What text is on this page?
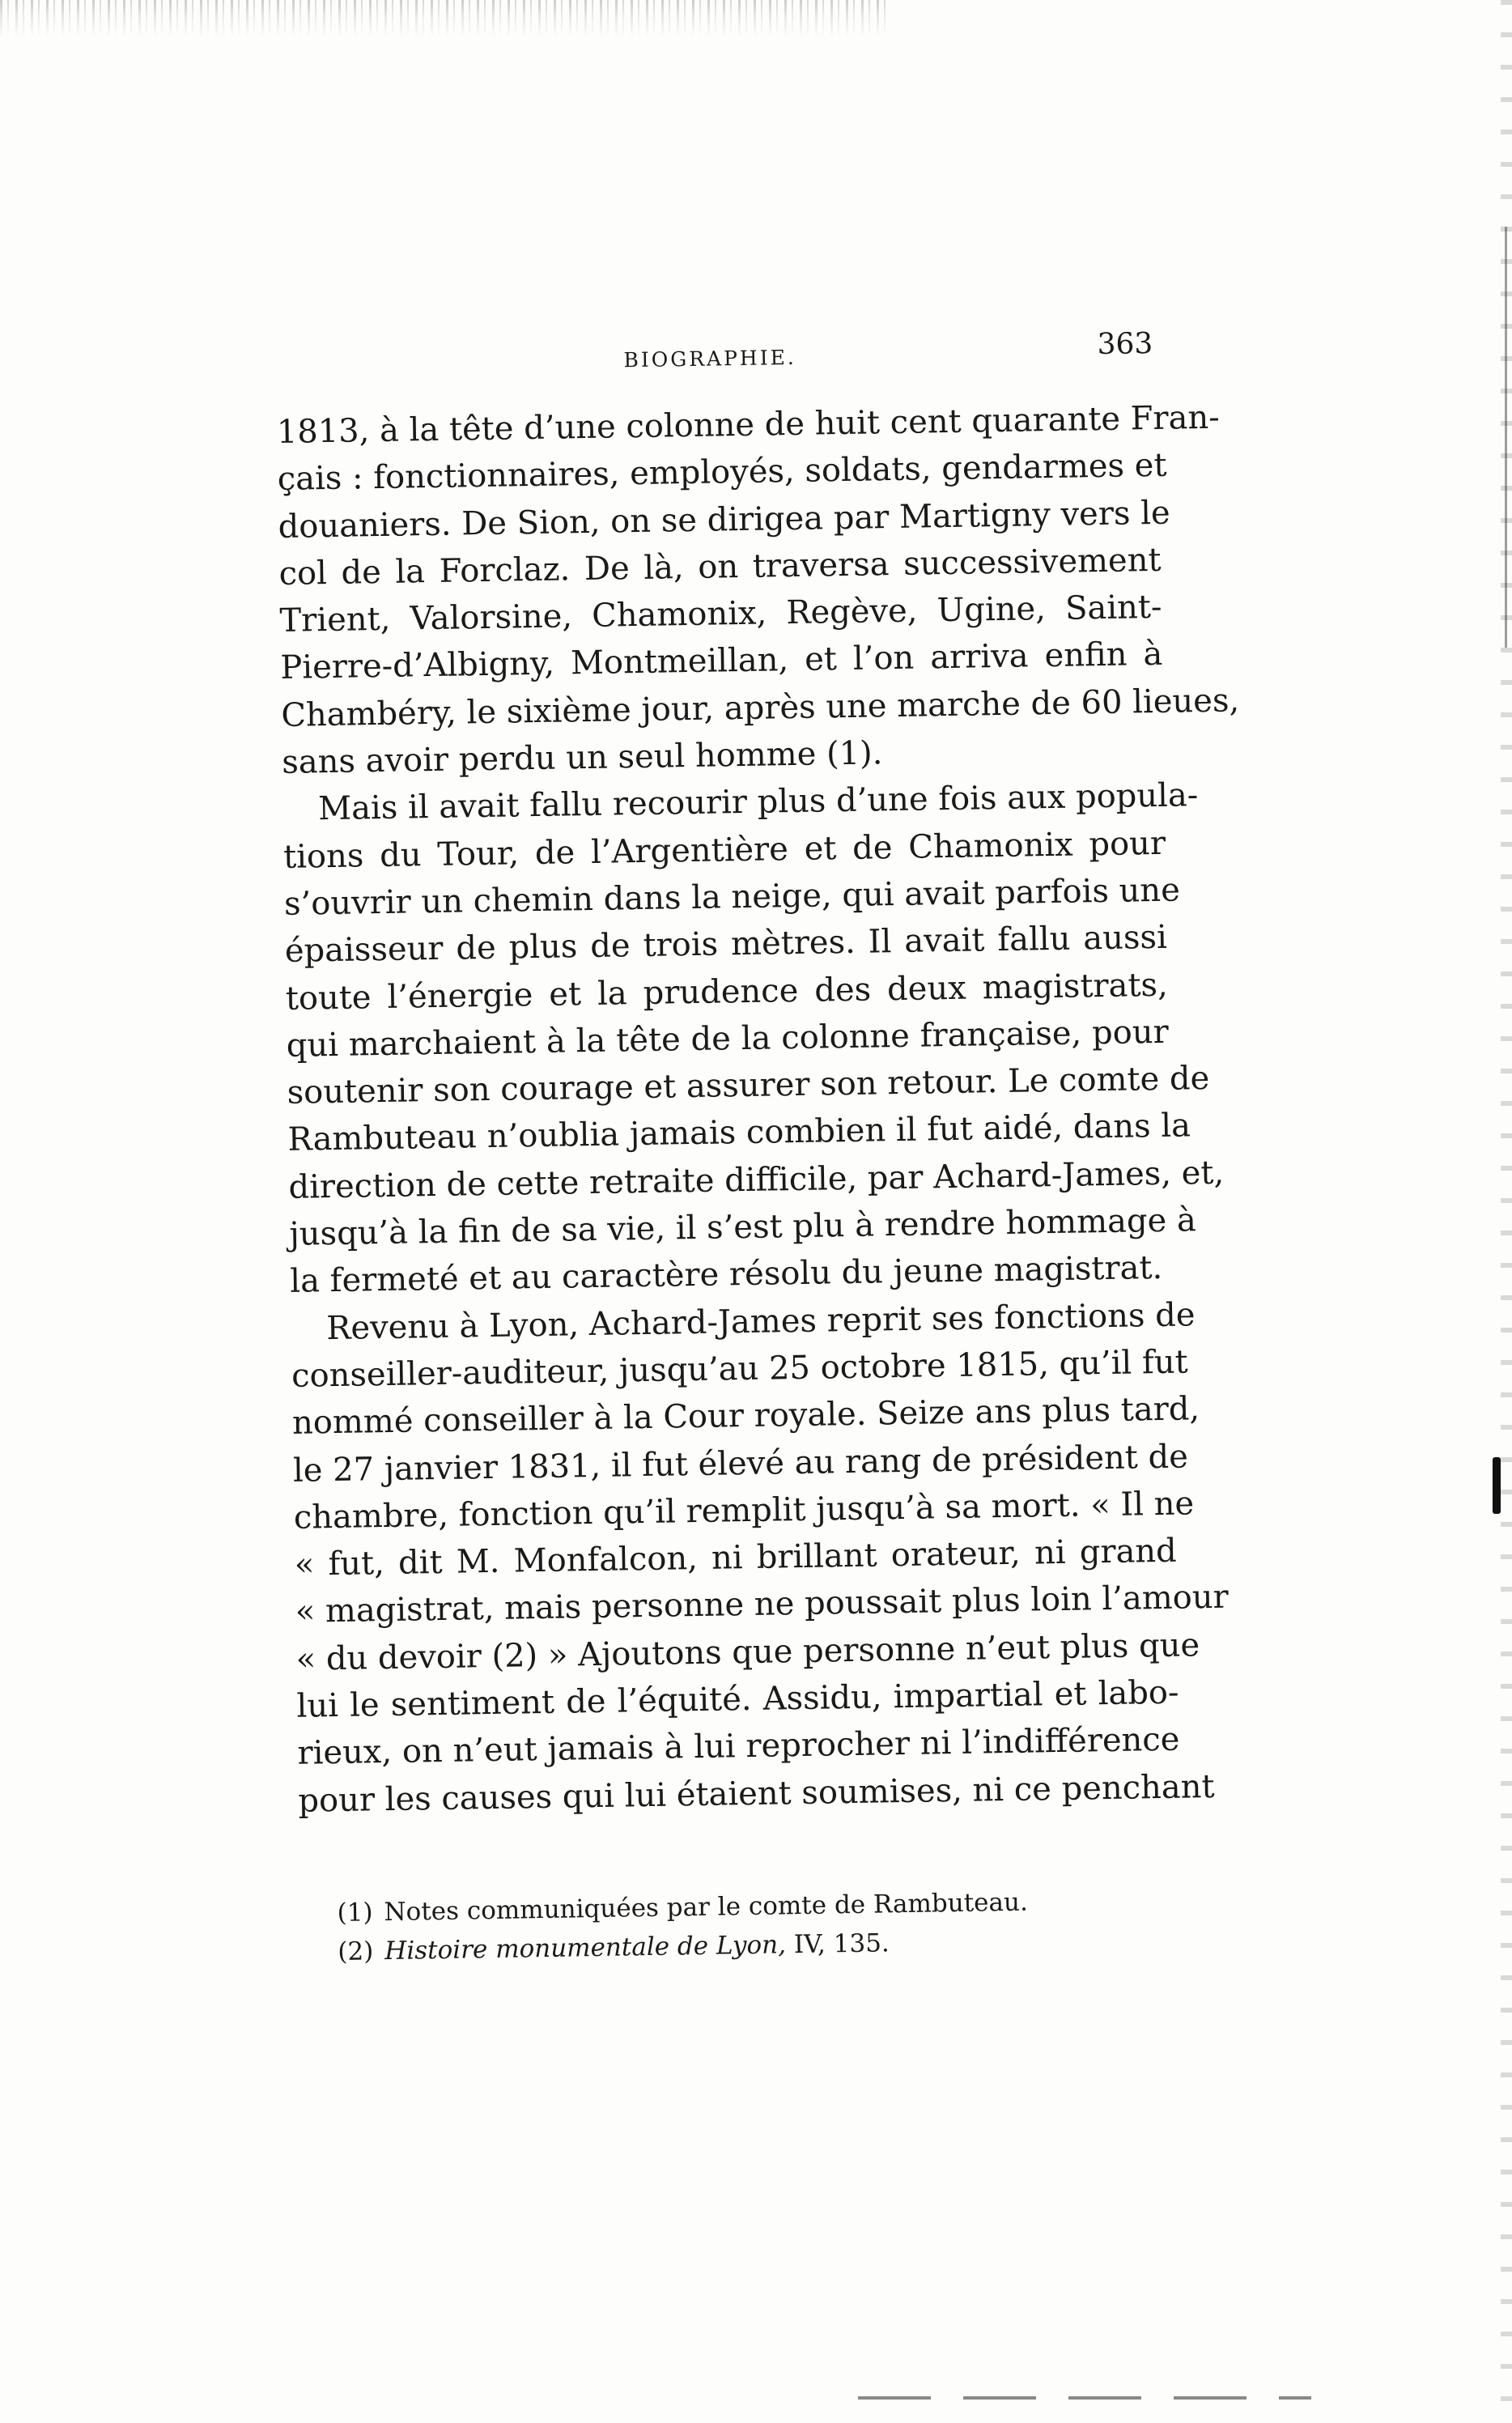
BIOGRAPHIE.	363
1813, à la tête d’une colonne de huit cent quarante Fran-
çais : fonctionnaires, employés, soldats, gendarmes et
douaniers. De Sion, on se dirigea par Martigny vers le
col de la Forclaz. De là, on traversa successivement
Trient, Valorsine, Chamonix, Regève, Ugine, Saint-
Pierre-d’Albigny, Montmeillan, et l’on arriva enfin à
Chambéry, le sixième jour, après une marche de 60 lieues,
sans avoir perdu un seul homme (1).
Mais il avait fallu recourir plus d’une fois aux popula-
tions du Tour, de l’Argentière et de Chamonix pour
s’ouvrir un chemin dans la neige, qui avait parfois une
épaisseur de plus de trois mètres. Il avait fallu aussi
toute l’énergie et la prudence des deux magistrats,
qui marchaient à la tête de la colonne française, pour
soutenir son courage et assurer son retour. Le comte de
Rambuteau n’oublia jamais combien il fut aidé, dans la
direction de cette retraite difficile, par Achard-James, et,
jusqu’à la fin de sa vie, il s’est plu à rendre hommage à
la fermeté et au caractère résolu du jeune magistrat.
Revenu à Lyon, Achard-James reprit ses fonctions de
conseiller-auditeur, jusqu’au 25 octobre 1815, qu’il fut
nommé conseiller à la Cour royale. Seize ans plus tard,
le 27 janvier 1831, il fut élevé au rang de président de
chambre, fonction qu’il remplit jusqu’à sa mort. « Il ne
« fut, dit M. Monfalcon, ni brillant orateur, ni grand
« magistrat, mais personne ne poussait plus loin l’amour
« du devoir (2) » Ajoutons que personne n’eut plus que
lui le sentiment de l’équité. Assidu, impartial et labo-
rieux, on n’eut jamais à lui reprocher ni l’indifférence
pour les causes qui lui étaient soumises, ni ce penchant
(1) Notes communiquées par le comte de Rambuteau.
(2) Histoire monumentale de Lyon, IV, 135.
